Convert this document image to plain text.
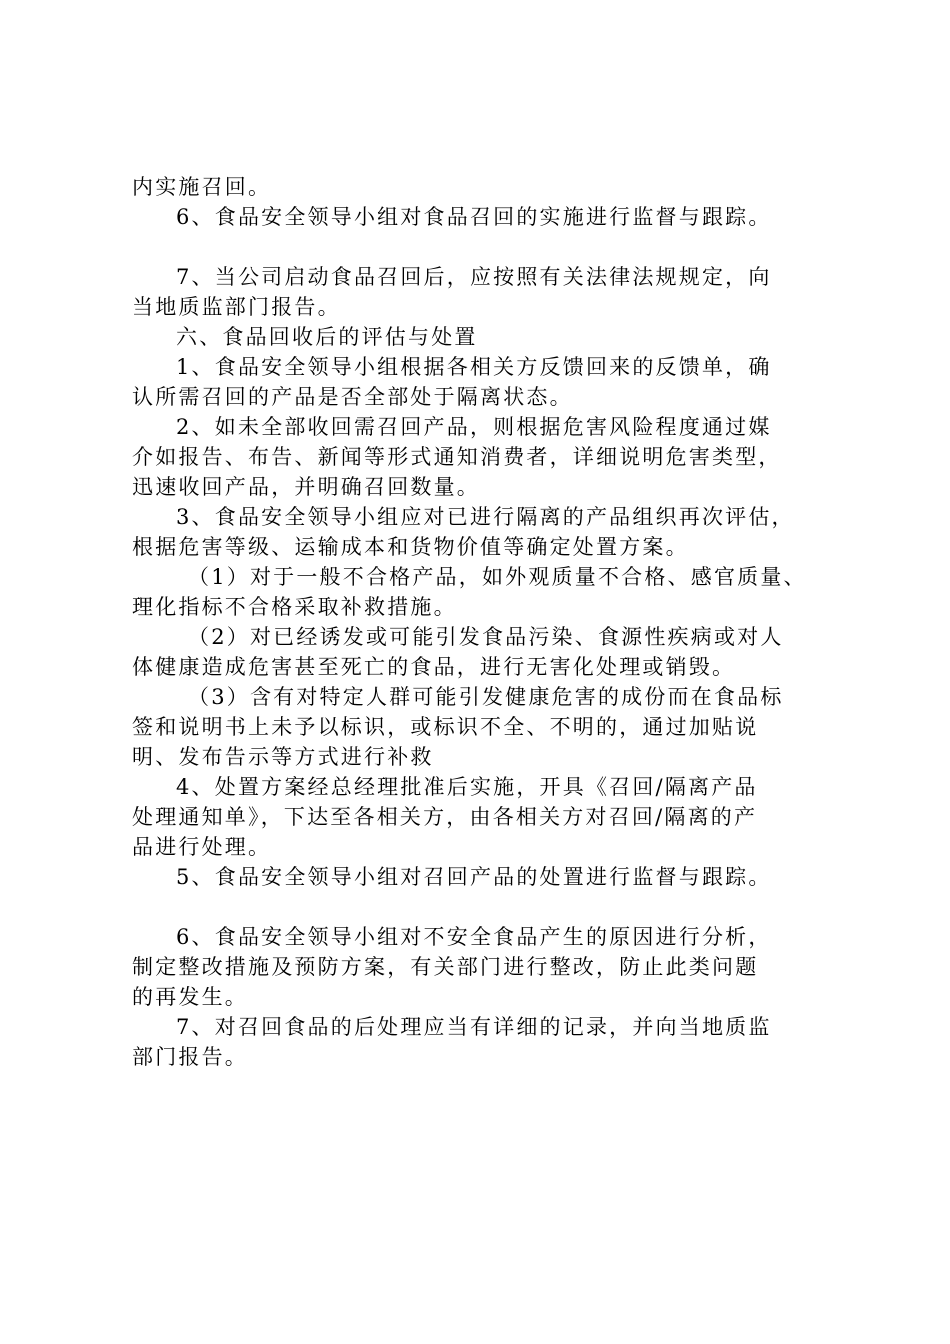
内实施召回。
6、食品安全领导小组对食品召回的实施进行监督与跟踪。
7、当公司启动食品召回后，应按照有关法律法规规定，向
当地质监部门报告。
六、食品回收后的评估与处置
1、食品安全领导小组根据各相关方反馈回来的反馈单，确
认所需召回的产品是否全部处于隔离状态。
2、如未全部收回需召回产品，则根据危害风险程度通过媒
介如报告、布告、新闻等形式通知消费者，详细说明危害类型，
迅速收回产品，并明确召回数量。
3、食品安全领导小组应对已进行隔离的产品组织再次评估，
根据危害等级、运输成本和货物价值等确定处置方案。
（1）对于一般不合格产品，如外观质量不合格、感官质量、
理化指标不合格采取补救措施。
（2）对已经诱发或可能引发食品污染、食源性疾病或对人
体健康造成危害甚至死亡的食品，进行无害化处理或销毁。
（3）含有对特定人群可能引发健康危害的成份而在食品标
签和说明书上未予以标识，或标识不全、不明的，通过加贴说
明、发布告示等方式进行补救
4、处置方案经总经理批准后实施，开具《召回/隔离产品
处理通知单》，下达至各相关方，由各相关方对召回/隔离的产
品进行处理。
5、食品安全领导小组对召回产品的处置进行监督与跟踪。
6、食品安全领导小组对不安全食品产生的原因进行分析，
制定整改措施及预防方案，有关部门进行整改，防止此类问题
的再发生。
7、对召回食品的后处理应当有详细的记录，并向当地质监
部门报告。
